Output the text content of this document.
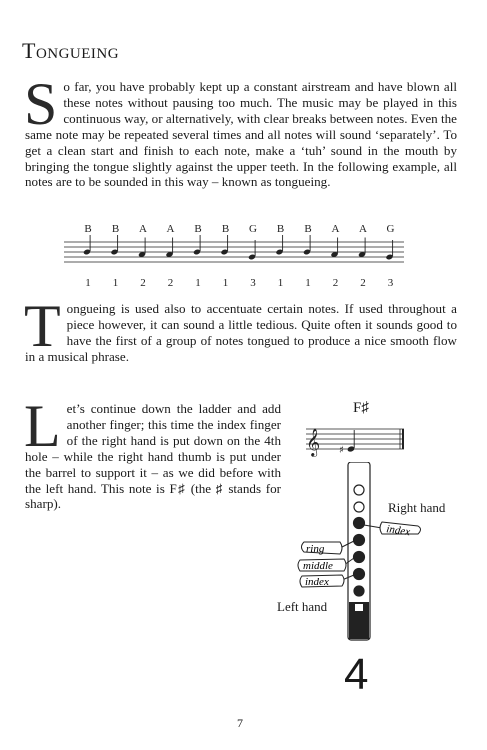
Tongueing

So far, you have probably kept up a constant airstream and have blown all these notes without pausing too much. The music may be played in this continuous way, or alternatively, with clear breaks between notes. Even the same note may be repeated several times and all notes will sound ‘separately’. To get a clean start and finish to each note, make a ‘tuh’ sound in the mouth by bringing the tongue slightly against the upper teeth. In the following example, all notes are to be sounded in this way – known as tongueing.

B B A A B B G B B A A G
1 1 2 2 1 1 3 1 1 2 2 3

Tongueing is used also to accentuate certain notes. If used throughout a piece however, it can sound a little tedious. Quite often it sounds good to have the first of a group of notes tongued to produce a nice smooth flow in a musical phrase.

Let’s continue down the ladder and add another finger; this time the index finger of the right hand is put down on the 4th hole – while the right hand thumb is put under the barrel to support it – as we did before with the left hand. This note is F♯ (the ♯ stands for sharp).

F♯
𝄞 ♯
index
ring
middle
index
Right hand
Left hand
4
7
